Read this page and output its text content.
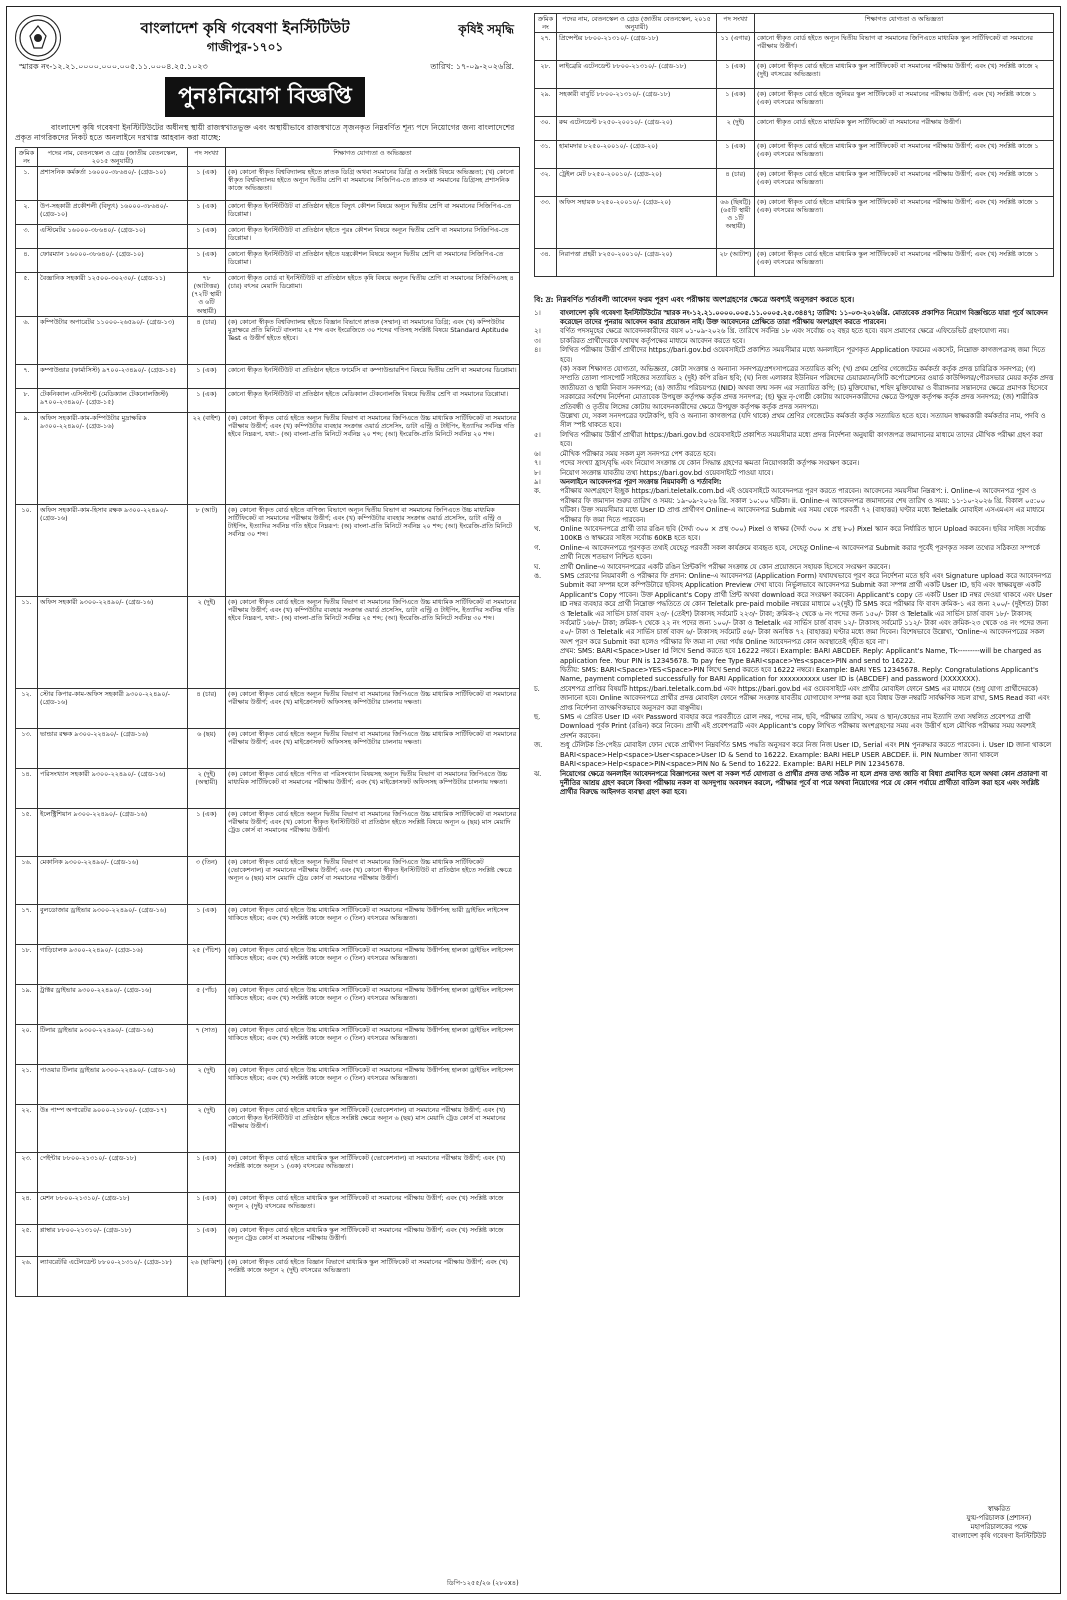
বাংলাদেশ কৃষি গবেষণা ইনস্টিটিউট
গাজীপুর-১৭০১
কৃষিই সমৃদ্ধি
স্মারক নং-১২.২১.০০০০.০০০.০০৫.১১.০০০৪.২৫.১০২৩	তারিখ: ১৭-০৯-২০২৬খ্রি.
পুনঃনিয়োগ বিজ্ঞপ্তি
বাংলাদেশ কৃষি গবেষণা ইনস্টিটিউটের অধীনস্থ স্থায়ী রাজস্বখাতভুক্ত এবং অস্থায়ীভাবে রাজস্বখাতে সৃজনকৃত নিম্নবর্ণিত শূন্য পদে নিয়োগের জন্য বাংলাদেশের প্রকৃত নাগরিকদের নিকট হতে অনলাইনে দরখাস্ত আহবান করা যাচ্ছে:
ক্রমিক নং	পদের নাম, বেতনস্কেল ও গ্রেড (জাতীয় বেতনস্কেল, ২০১৫ অনুযায়ী)	পদ সংখ্যা	শিক্ষাগত যোগ্যতা ও অভিজ্ঞতা
১.	প্রশাসনিক কর্মকর্তা ১৬০০০-৩৮৬৪০/- (গ্রেড-১০)	১ (এক)	(ক) কোনো স্বীকৃত বিশ্ববিদ্যালয় হইতে স্নাতক ডিগ্রি অথবা সমমানের ডিগ্রি ও সংশ্লিষ্ট বিষয়ে অভিজ্ঞতা; (খ) কোনো স্বীকৃত বিশ্ববিদ্যালয় হইতে অন্যূন দ্বিতীয় শ্রেণি বা সমমানের সিজিপিএ-তে স্নাতক বা সমমানের ডিগ্রিসহ প্রশাসনিক কাজে অভিজ্ঞতা।
২.	উপ-সহকারী প্রকৌশলী (বিদ্যুৎ) ১৬০০০-৩৮৬৪০/- (গ্রেড-১০)	১ (এক)	কোনো স্বীকৃত ইনস্টিটিউট বা প্রতিষ্ঠান হইতে বিদ্যুৎ কৌশল বিষয়ে অন্যূন দ্বিতীয় শ্রেণি বা সমমানের সিজিপিএ-তে ডিপ্লোমা।
৩.	এস্টিমেটর ১৬০০০-৩৮৬৪০/- (গ্রেড-১০)	১ (এক)	কোনো স্বীকৃত ইনস্টিটিউট বা প্রতিষ্ঠান হইতে পুরঃ কৌশল বিষয়ে অন্যূন দ্বিতীয় শ্রেণি বা সমমানের সিজিপিএ-তে ডিপ্লোমা।
৪.	ফোরম্যান ১৬০০০-৩৮৬৪০/- (গ্রেড-১০)	১ (এক)	কোনো স্বীকৃত ইনস্টিটিউট বা প্রতিষ্ঠান হইতে যন্ত্রকৌশল বিষয়ে অন্যূন দ্বিতীয় শ্রেণি বা সমমানের সিজিপিএ-তে ডিপ্লোমা।
৫.	বৈজ্ঞানিক সহকারী ১২৫০০-৩০২৩০/- (গ্রেড-১১)	৭৮ (আটাত্তর) (৭২টি স্থায়ী ও ৬টি অস্থায়ী)	কোনো স্বীকৃত বোর্ড বা ইনস্টিটিউট বা প্রতিষ্ঠান হইতে কৃষি বিষয়ে অন্যূন দ্বিতীয় শ্রেণি বা সমমানের সিজিপিএসহ ৪ (চার) বৎসর মেয়াদি ডিপ্লোমা।
৬.	কম্পিউটার অপারেটর ১১০০০-২৬৫৯০/- (গ্রেড-১৩)	৪ (চার)	(ক) কোনো স্বীকৃত বিশ্ববিদ্যালয় হইতে বিজ্ঞান বিভাগে স্নাতক (সম্মান) বা সমমানের ডিগ্রি; এবং (খ) কম্পিউটার মুদ্রাক্ষরে প্রতি মিনিটে বাংলায় ২৫ শব্দ এবং ইংরেজিতে ৩০ শব্দের গতিসহ সংশ্লিষ্ট বিষয়ে Standard Aptitude Test এ উত্তীর্ণ হইতে হইবে।
৭.	কম্পাউন্ডার (ফার্মাসিস্ট) ৯৭০০-২৩৪৯০/- (গ্রেড-১৫)	১ (এক)	কোনো স্বীকৃত ইনস্টিটিউট বা প্রতিষ্ঠান হইতে ফার্মেসি বা কম্পাউন্ডারশিপ বিষয়ে দ্বিতীয় শ্রেণি বা সমমানের ডিপ্লোমা।
৮.	টেকনিক্যাল এসিস্ট্যান্ট (মেডিক্যাল টেকনোলজিস্ট) ৯৭০০-২৩৪৯০/- (গ্রেড-১৫)	১ (এক)	কোনো স্বীকৃত ইনস্টিটিউট বা প্রতিষ্ঠান হইতে মেডিক্যাল টেকনোলজি বিষয়ে দ্বিতীয় শ্রেণি বা সমমানের ডিপ্লোমা।
৯.	অফিস সহকারী-কাম-কম্পিউটার মুদ্রাক্ষরিক ৯৩০০-২২৪৯০/- (গ্রেড-১৬)	২২ (বাইশ)	(ক) কোনো স্বীকৃত বোর্ড হইতে অন্যূন দ্বিতীয় বিভাগ বা সমমানের জিপিএতে উচ্চ মাধ্যমিক সার্টিফিকেট বা সমমানের পরীক্ষায় উত্তীর্ণ; এবং (খ) কম্পিউটার ব্যবহার সংক্রান্ত ওয়ার্ড প্রসেসিং, ডাটা এন্ট্রি ও টাইপিং, ইত্যাদির সর্বনিম্ন গতি হইবে নিম্নরূপ, যথা:- (অ) বাংলা-প্রতি মিনিটে সর্বনিম্ন ২০ শব্দ; (আ) ইংরেজি-প্রতি মিনিটে সর্বনিম্ন ২০ শব্দ।
১০.	অফিস সহকারী-কাম-হিসাব রক্ষক ৯৩০০-২২৪৯০/- (গ্রেড-১৬)	৮ (আট)	(ক) কোনো স্বীকৃত বোর্ড হইতে বাণিজ্য বিভাগে অন্যূন দ্বিতীয় বিভাগ বা সমমানের জিপিএতে উচ্চ মাধ্যমিক সার্টিফিকেট বা সমমানের পরীক্ষায় উত্তীর্ণ; এবং (খ) কম্পিউটার ব্যবহার সংক্রান্ত ওয়ার্ড প্রসেসিং, ডাটা এন্ট্রি ও টাইপিং, ইত্যাদির সর্বনিম্ন গতি হইবে নিম্নরূপ: (অ) বাংলা-প্রতি মিনিটে সর্বনিম্ন ২০ শব্দ; (আ) ইংরেজি-প্রতি মিনিটে সর্বনিম্ন ৩০ শব্দ।
১১.	অফিস সহকারী ৯৩০০-২২৪৯০/- (গ্রেড-১৬)	২ (দুই)	(ক) কোনো স্বীকৃত বোর্ড হইতে অন্যূন দ্বিতীয় বিভাগ বা সমমানের জিপিএতে উচ্চ মাধ্যমিক সার্টিফিকেট বা সমমানের পরীক্ষায় উত্তীর্ণ; এবং (খ) কম্পিউটার ব্যবহার সংক্রান্ত ওয়ার্ড প্রসেসিং, ডাটা এন্ট্রি ও টাইপিং, ইত্যাদির সর্বনিম্ন গতি হইবে নিম্নরূপ, যথা:- (অ) বাংলা-প্রতি মিনিটে সর্বনিম্ন ২৫ শব্দ; (আ) ইংরেজি-প্রতি মিনিটে সর্বনিম্ন ৩০ শব্দ।
১২.	স্টোর কিপার-কাম-অফিস সহকারী ৯৩০০-২২৪৯০/- (গ্রেড-১৬)	৪ (চার)	(ক) কোনো স্বীকৃত বোর্ড হইতে অন্যূন দ্বিতীয় বিভাগ বা সমমানের জিপিএতে উচ্চ মাধ্যমিক সার্টিফিকেট বা সমমানের পরীক্ষায় উত্তীর্ণ; এবং (খ) মাইক্রোসফট অফিসসহ কম্পিউটার চালনায় দক্ষতা।
১৩.	ভান্ডার রক্ষক ৯৩০০-২২৪৯০/- (গ্রেড-১৬)	৬ (ছয়)	(ক) কোনো স্বীকৃত বোর্ড হইতে অন্যূন দ্বিতীয় বিভাগ বা সমমানের জিপিএতে উচ্চ মাধ্যমিক সার্টিফিকেট বা সমমানের পরীক্ষায় উত্তীর্ণ; এবং (খ) মাইক্রোসফট অফিসসহ কম্পিউটার চালনায় দক্ষতা।
১৪.	পরিসংখ্যান সহকারী ৯৩০০-২২৪৯০/- (গ্রেড-১৬)	২ (দুই) (অস্থায়ী)	(ক) কোনো স্বীকৃত বোর্ড হইতে গণিত বা পরিসংখ্যান বিষয়সহ অন্যূন দ্বিতীয় বিভাগ বা সমমানের জিপিএতে উচ্চ মাধ্যমিক সার্টিফিকেট বা সমমানের পরীক্ষায় উত্তীর্ণ; এবং (খ) মাইক্রোসফট অফিসসহ কম্পিউটার চালনায় দক্ষতা।
১৫.	ইলেক্ট্রিশিয়ান ৯৩০০-২২৪৯০/- (গ্রেড-১৬)	১ (এক)	(ক) কোনো স্বীকৃত বোর্ড হইতে অন্যূন দ্বিতীয় বিভাগ বা সমমানের জিপিএতে উচ্চ মাধ্যমিক সার্টিফিকেট বা সমমানের পরীক্ষায় উত্তীর্ণ; এবং (খ) কোনো স্বীকৃত ইনস্টিটিউট বা প্রতিষ্ঠান হইতে সংশ্লিষ্ট বিষয়ে অন্যূন ৬ (ছয়) মাস মেয়াদি ট্রেড কোর্স বা সমমানের পরীক্ষায় উত্তীর্ণ।
১৬.	মেকানিক ৯৩০০-২২৪৯০/- (গ্রেড-১৬)	৩ (তিন)	(ক) কোনো স্বীকৃত বোর্ড হইতে অন্যূন দ্বিতীয় বিভাগ বা সমমানের জিপিএতে উচ্চ মাধ্যমিক সার্টিফিকেট (ভোকেশনাল) বা সমমানের পরীক্ষায় উত্তীর্ণ; এবং (খ) কোনো স্বীকৃত ইনস্টিটিউট বা প্রতিষ্ঠান হইতে সংশ্লিষ্ট ক্ষেত্রে অন্যূন ৬ (ছয়) মাস মেয়াদি ট্রেড কোর্স বা সমমানের পরীক্ষায় উত্তীর্ণ।
১৭.	বুলডোজার ড্রাইভার ৯৩০০-২২৪৯০/- (গ্রেড-১৬)	১ (এক)	(ক) কোনো স্বীকৃত বোর্ড হইতে উচ্চ মাধ্যমিক সার্টিফিকেট বা সমমানের পরীক্ষায় উত্তীর্ণসহ ভারী ড্রাইভিং লাইসেন্স থাকিতে হইবে; এবং (খ) সংশ্লিষ্ট কাজে অন্যূন ৩ (তিন) বৎসরের অভিজ্ঞতা।
১৮.	গাড়িচালক ৯৩০০-২২৪৯০/- (গ্রেড-১৬)	২৫ (পঁচিশ)	(ক) কোনো স্বীকৃত বোর্ড হইতে উচ্চ মাধ্যমিক সার্টিফিকেট বা সমমানের পরীক্ষায় উত্তীর্ণসহ হালকা ড্রাইভিং লাইসেন্স থাকিতে হইবে; এবং (খ) সংশ্লিষ্ট কাজে অন্যূন ৩ (তিন) বৎসরের অভিজ্ঞতা।
১৯.	ট্রাক্টর ড্রাইভার ৯৩০০-২২৪৯০/- (গ্রেড-১৬)	৫ (পাঁচ)	(ক) কোনো স্বীকৃত বোর্ড হইতে উচ্চ মাধ্যমিক সার্টিফিকেট বা সমমানের পরীক্ষায় উত্তীর্ণসহ হালকা ড্রাইভিং লাইসেন্স থাকিতে হইবে; এবং (খ) সংশ্লিষ্ট কাজে অন্যূন ৩ (তিন) বৎসরের অভিজ্ঞতা।
২০.	টিলার ড্রাইভার ৯৩০০-২২৪৯০/- (গ্রেড-১৬)	৭ (সাত)	(ক) কোনো স্বীকৃত বোর্ড হইতে উচ্চ মাধ্যমিক সার্টিফিকেট বা সমমানের পরীক্ষায় উত্তীর্ণসহ হালকা ড্রাইভিং লাইসেন্স থাকিতে হইবে; এবং (খ) সংশ্লিষ্ট কাজে অন্যূন ৩ (তিন) বৎসরের অভিজ্ঞতা।
২১.	পাওয়ার টিলার ড্রাইভার ৯৩০০-২২৪৯০/- (গ্রেড-১৬)	২ (দুই)	(ক) কোনো স্বীকৃত বোর্ড হইতে উচ্চ মাধ্যমিক সার্টিফিকেট বা সমমানের পরীক্ষায় উত্তীর্ণসহ হালকা ড্রাইভিং লাইসেন্স থাকিতে হইবে; এবং (খ) সংশ্লিষ্ট কাজে অন্যূন ৩ (তিন) বৎসরের অভিজ্ঞতা।
২২.	উঃ পাম্প অপারেটর ৯০০০-২১৮০০/- (গ্রেড-১৭)	২ (দুই)	(ক) কোনো স্বীকৃত বোর্ড হইতে মাধ্যমিক স্কুল সার্টিফিকেট (ভোকেশনাল) বা সমমানের পরীক্ষায় উত্তীর্ণ; এবং (খ) কোনো স্বীকৃত ইনস্টিটিউট বা প্রতিষ্ঠান হইতে সংশ্লিষ্ট ক্ষেত্রে অন্যূন ৬ (ছয়) মাস মেয়াদি ট্রেড কোর্স বা সমমানের পরীক্ষায় উত্তীর্ণ।
২৩.	পেইন্টার ৮৮০০-২১৩১০/- (গ্রেড-১৮)	১ (এক)	(ক) কোনো স্বীকৃত বোর্ড হইতে মাধ্যমিক স্কুল সার্টিফিকেট (ভোকেশনাল) বা সমমানের পরীক্ষায় উত্তীর্ণ; এবং (খ) সংশ্লিষ্ট কাজে অন্যূন ১ (এক) বৎসরের অভিজ্ঞতা।
২৪.	মেশন ৮৮০০-২১৩১০/- (গ্রেড-১৮)	১ (এক)	(ক) কোনো স্বীকৃত বোর্ড হইতে মাধ্যমিক স্কুল সার্টিফিকেট বা সমমানের পরীক্ষায় উত্তীর্ণ; এবং (খ) সংশ্লিষ্ট কাজে অন্যূন ২ (দুই) বৎসরের অভিজ্ঞতা।
২৫.	প্লাম্বার ৮৮০০-২১৩১০/- (গ্রেড-১৮)	১ (এক)	(ক) কোনো স্বীকৃত বোর্ড হইতে মাধ্যমিক স্কুল সার্টিফিকেট বা সমমানের পরীক্ষায় উত্তীর্ণ; এবং (খ) সংশ্লিষ্ট কাজে অন্যূন ট্রেড কোর্স বা সমমানের পরীক্ষায় উত্তীর্ণ।
২৬.	ল্যাবরেটরি এটেনডেন্ট ৮৮০০-২১৩১০/- (গ্রেড-১৮)	২৬ (ছাব্বিশ)	(ক) কোনো স্বীকৃত বোর্ড হইতে বিজ্ঞান বিভাগে মাধ্যমিক স্কুল সার্টিফিকেট বা সমমানের পরীক্ষায় উত্তীর্ণ; এবং (খ) সংশ্লিষ্ট কাজে অন্যূন ২ (দুই) বৎসরের অভিজ্ঞতা।
ক্রমিক নং	পদের নাম, বেতনস্কেল ও গ্রেড (জাতীয় বেতনস্কেল, ২০১৫ অনুযায়ী)	পদ সংখ্যা	শিক্ষাগত যোগ্যতা ও অভিজ্ঞতা
২৭.	প্রিন্সেপ্টর ৮৮০০-২১৩১০/- (গ্রেড-১৮)	১১ (এগার)	কোনো স্বীকৃত বোর্ড হইতে অন্যূন দ্বিতীয় বিভাগ বা সমমানের জিপিএতে মাধ্যমিক স্কুল সার্টিফিকেট বা সমমানের পরীক্ষায় উত্তীর্ণ।
২৮.	লাইব্রেরি এটেনডেন্ট ৮৮০০-২১৩১০/- (গ্রেড-১৮)	১ (এক)	(ক) কোনো স্বীকৃত বোর্ড হইতে মাধ্যমিক স্কুল সার্টিফিকেট বা সমমানের পরীক্ষায় উত্তীর্ণ; এবং (খ) সংশ্লিষ্ট কাজে ২ (দুই) বৎসরের অভিজ্ঞতা।
২৯.	সহকারী বাবুর্চি ৮৮০০-২১৩১০/- (গ্রেড-১৮)	১ (এক)	(ক) কোনো স্বীকৃত বোর্ড হইতে জুনিয়র স্কুল সার্টিফিকেট বা সমমানের পরীক্ষায় উত্তীর্ণ; এবং (খ) সংশ্লিষ্ট কাজে ১ (এক) বৎসরের অভিজ্ঞতা।
৩০.	রুম এটেনডেন্ট ৮২৫০-২০০১০/- (গ্রেড-২০)	২ (দুই)	কোনো স্বীকৃত বোর্ড হইতে মাধ্যমিক স্কুল সার্টিফিকেট বা সমমানের পরীক্ষায় উত্তীর্ণ।
৩১.	হামামদার ৮২৫০-২০০১০/- (গ্রেড-২০)	১ (এক)	(ক) কোনো স্বীকৃত বোর্ড হইতে মাধ্যমিক স্কুল সার্টিফিকেট বা সমমানের পরীক্ষায় উত্তীর্ণ; এবং (খ) সংশ্লিষ্ট কাজে ১ (এক) বৎসরের অভিজ্ঞতা।
৩২.	ট্রেইল মেট ৮২৫০-২০০১০/- (গ্রেড-২০)	৪ (চার)	(ক) কোনো স্বীকৃত বোর্ড হইতে মাধ্যমিক স্কুল সার্টিফিকেট বা সমমানের পরীক্ষায় উত্তীর্ণ; এবং (খ) সংশ্লিষ্ট কাজে ১ (এক) বৎসরের অভিজ্ঞতা।
৩৩.	অফিস সহায়ক ৮২৫০-২০০১০/- (গ্রেড-২০)	৬৬ (ছিষট্টি) (৬৫টি স্থায়ী ও ১টি অস্থায়ী)	(ক) কোনো স্বীকৃত বোর্ড হইতে মাধ্যমিক স্কুল সার্টিফিকেট বা সমমানের পরীক্ষায় উত্তীর্ণ; এবং (খ) সংশ্লিষ্ট কাজে ১ (এক) বৎসরের অভিজ্ঞতা।
৩৪.	নিরাপত্তা প্রহরী ৮২৫০-২০০১০/- (গ্রেড-২০)	২৮ (আটাশ)	(ক) কোনো স্বীকৃত বোর্ড হইতে মাধ্যমিক স্কুল সার্টিফিকেট বা সমমানের পরীক্ষায় উত্তীর্ণ; এবং (খ) সংশ্লিষ্ট কাজে ১ (এক) বৎসরের অভিজ্ঞতা।
বি: দ্র: নিম্নবর্ণিত শর্তাবলী আবেদন ফরম পূরণ এবং পরীক্ষায় অংশগ্রহণের ক্ষেত্রে অবশ্যই অনুসরণ করতে হবে।
১।	বাংলাদেশ কৃষি গবেষণা ইনস্টিটিউটের স্মারক নং-১২.২১.০০০০.০০৫.১১.০০০৫.২৫.৩৪৪৭; তারিখ: ১১-০৩-২০২৬খ্রি. মোতাবেক প্রকাশিত নিয়োগ বিজ্ঞপ্তিতে যারা পূর্বে আবেদন করেছেন তাদের পুনরায় আবেদন করার প্রয়োজন নাই। উক্ত আবেদনের প্রেক্ষিতে তারা পরীক্ষায় অংশগ্রহণ করতে পারবেন।
২।	বর্ণিত পদসমূহের ক্ষেত্রে আবেদনকারীদের বয়স ০১-০৯-২০২৬ খ্রি. তারিখে সর্বনিম্ন ১৮ এবং সর্বোচ্চ ৩২ বছর হতে হবে। বয়স প্রমাণের ক্ষেত্রে এফিডেভিট গ্রহণযোগ্য নয়।
৩।	চাকরিরত প্রার্থীদেরকে যথাযথ কর্তৃপক্ষের মাধ্যমে আবেদন করতে হবে।
৪।	লিখিত পরীক্ষায় উত্তীর্ণ প্রার্থীদের https://bari.gov.bd ওয়েবসাইটে প্রকাশিত সময়সীমার মধ্যে অনলাইনে পূরণকৃত Application ফরমের একসেট, নিম্নোক্ত কাগজপত্রসহ জমা দিতে হবে।
(ক) সকল শিক্ষাগত যোগ্যতা, অভিজ্ঞতা, কোটা সংক্রান্ত ও অন্যান্য সনদপত্র/প্রশংসাপত্রের সত্যায়িত কপি; (খ) প্রথম শ্রেণির গেজেটেড কর্মকর্তা কর্তৃক প্রদত্ত চারিত্রিক সনদপত্র; (গ) সম্প্রতি তোলা পাসপোর্ট সাইজের সত্যায়িত ২ (দুই) কপি রঙিন ছবি; (ঘ) নিজ এলাকার ইউনিয়ন পরিষদের চেয়ারম্যান/সিটি কর্পোরেশনের ওয়ার্ড কাউন্সিলর/পৌরসভার মেয়র কর্তৃক প্রদত্ত জাতীয়তা ও স্থায়ী নিবাস সনদপত্র; (ঙ) জাতীয় পরিচয়পত্র (NID) অথবা জন্ম সনদ এর সত্যায়িত কপি; (চ) মুক্তিযোদ্ধা, শহিদ মুক্তিযোদ্ধা ও বীরাঙ্গনার সন্তানদের ক্ষেত্রে প্রমাণক হিসেবে সরকারের সর্বশেষ নির্দেশনা মোতাবেক উপযুক্ত কর্তৃপক্ষ কর্তৃক প্রদত্ত সনদপত্র; (ছ) ক্ষুদ্র নৃ-গোষ্ঠী কোটায় আবেদনকারীদের ক্ষেত্রে উপযুক্ত কর্তৃপক্ষ কর্তৃক প্রদত্ত সনদপত্র; (জ) শারীরিক প্রতিবন্ধী ও তৃতীয় লিঙ্গের কোটায় আবেদনকারীদের ক্ষেত্রে উপযুক্ত কর্তৃপক্ষ কর্তৃক প্রদত্ত সনদপত্র।
উল্লেখ্য যে, সকল সনদপত্রের ফটোকপি, ছবি ও অন্যান্য কাগজপত্র (যদি থাকে) প্রথম শ্রেণির গেজেটেড কর্মকর্তা কর্তৃক সত্যায়িত হতে হবে। সত্যায়ন স্বাক্ষরকারী কর্মকর্তার নাম, পদবি ও সীল স্পষ্ট থাকতে হবে।
৫।	লিখিত পরীক্ষায় উত্তীর্ণ প্রার্থীরা https://bari.gov.bd ওয়েবসাইটে প্রকাশিত সময়সীমার মধ্যে প্রদত্ত নির্দেশনা অনুযায়ী কাগজপত্র জমাদানের মাধ্যমে তাদের মৌখিক পরীক্ষা গ্রহণ করা হবে।
৬।	মৌখিক পরীক্ষার সময় সকল মূল সনদপত্র পেশ করতে হবে।
৭।	পদের সংখ্যা হ্রাস/বৃদ্ধি এবং নিয়োগ সংক্রান্ত যে কোন সিদ্ধান্ত গ্রহণের ক্ষমতা নিয়োগকারী কর্তৃপক্ষ সংরক্ষণ করেন।
৮।	নিয়োগ সংক্রান্ত যাবতীয় তথ্য https://bari.gov.bd ওয়েবসাইটে পাওয়া যাবে।
৯।	অনলাইনে আবেদনপত্র পূরণ সংক্রান্ত নিয়মাবলী ও শর্তাবলি:
ক.	পরীক্ষায় অংশগ্রহণে ইচ্ছুক https://bari.teletalk.com.bd এই ওয়েবসাইটে আবেদনপত্র পূরণ করতে পারবেন। আবেদনের সময়সীমা নিম্নরূপ: i. Online-এ আবেদনপত্র পূরণ ও পরীক্ষার ফি জমাদান শুরুর তারিখ ও সময়: ১৯-০৯-২০২৬ খ্রি. সকাল ১০:০০ ঘটিকা। ii. Online-এ আবেদনপত্র জমাদানের শেষ তারিখ ও সময়: ১১-১০-২০২৬ খ্রি. বিকাল ০৫:০০ ঘটিকা। উক্ত সময়সীমার মধ্যে User ID প্রাপ্ত প্রার্থীগণ Online-এ আবেদনপত্র Submit এর সময় থেকে পরবর্তী ৭২ (বাহাত্তর) ঘণ্টার মধ্যে Teletalk মোবাইল এসএমএস এর মাধ্যমে পরীক্ষার ফি জমা দিতে পারবেন।
খ.	Online আবেদনপত্রে প্রার্থী তার রঙিন ছবি (দৈর্ঘ্য ৩০০ × প্রস্থ ৩০০) Pixel ও স্বাক্ষর (দৈর্ঘ্য ৩০০ × প্রস্থ ৮০) Pixel স্ক্যান করে নির্ধারিত স্থানে Upload করবেন। ছবির সাইজ সর্বোচ্চ 100KB ও স্বাক্ষরের সাইজ সর্বোচ্চ 60KB হতে হবে।
গ.	Online-এ আবেদনপত্রে পূরণকৃত তথ্যই যেহেতু পরবর্তী সকল কার্যক্রমে ব্যবহৃত হবে, সেহেতু Online-এ আবেদনপত্র Submit করার পূর্বেই পূরণকৃত সকল তথ্যের সঠিকতা সম্পর্কে প্রার্থী নিজে শতভাগ নিশ্চিত হবেন।
ঘ.	প্রার্থী Online-এ আবেদনপত্রের একটি রঙিন প্রিন্টকপি পরীক্ষা সংক্রান্ত যে কোন প্রয়োজনে সহায়ক হিসেবে সংরক্ষণ করবেন।
ঙ.	SMS প্রেরণের নিয়মাবলী ও পরীক্ষার ফি প্রদান: Online-এ আবেদনপত্র (Application Form) যথাযথভাবে পূরণ করে নির্দেশনা মতে ছবি এবং Signature upload করে আবেদনপত্র Submit করা সম্পন্ন হলে কম্পিউটারে ছবিসহ Application Preview দেখা যাবে। নির্ভুলভাবে আবেদনপত্র Submit করা সম্পন্ন প্রার্থী একটি User ID, ছবি এবং স্বাক্ষরযুক্ত একটি Applicant's Copy পাবেন। উক্ত Applicant's Copy প্রার্থী প্রিন্ট অথবা download করে সংরক্ষণ করবেন। Applicant's copy তে একটি User ID নম্বর দেওয়া থাকবে এবং User ID নম্বর ব্যবহার করে প্রার্থী নিম্নোক্ত পদ্ধতিতে যে কোন Teletalk pre-paid mobile নম্বরের মাধ্যমে ০২(দুই) টি SMS করে পরীক্ষার ফি বাবদ ক্রমিক-১ এর জন্য ২০০/- (দুইশত) টাকা ও Teletalk এর সার্ভিস চার্জ বাবদ ২৩/- (তেইশ) টাকাসহ সর্বমোট ২২৩/- টাকা; ক্রমিক-২ থেকে ৬ নং পদের জন্য ১৫০/- টাকা ও Teletalk এর সার্ভিস চার্জ বাবদ ১৮/- টাকাসহ সর্বমোট ১৬৮/- টাকা; ক্রমিক-৭ থেকে ২২ নং পদের জন্য ১০০/- টাকা ও Teletalk এর সার্ভিস চার্জ বাবদ ১২/- টাকাসহ সর্বমোট ১১২/- টাকা এবং ক্রমিক-২৩ থেকে ৩৪ নং পদের জন্য ৫০/- টাকা ও Teletalk এর সার্ভিস চার্জ বাবদ ৬/- টাকাসহ সর্বমোট ৫৬/- টাকা অনধিক ৭২ (বাহাত্তর) ঘণ্টার মধ্যে জমা দিবেন। বিশেষভাবে উল্লেখ্য, 'Online-এ আবেদনপত্রের সকল অংশ পূরণ করে Submit করা হলেও পরীক্ষার ফি জমা না দেয়া পর্যন্ত Online আবেদনপত্র কোন অবস্থাতেই গৃহীত হবে না'।
প্রথম: SMS: BARI<Space>User Id লিখে Send করতে হবে 16222 নম্বরে। Example: BARI ABCDEF. Reply: Applicant's Name, Tk---------will be charged as application fee. Your PIN is 12345678. To pay fee Type BARI<space>Yes<space>PIN and send to 16222.
দ্বিতীয়: SMS: BARI<Space>YES<Space>PIN লিখে Send করতে হবে 16222 নম্বরে। Example: BARI YES 12345678. Reply: Congratulations Applicant's Name, payment completed successfully for BARI Application for xxxxxxxxxx user ID is (ABCDEF) and password (XXXXXXX).
চ.	প্রবেশপত্র প্রাপ্তির বিষয়টি https://bari.teletalk.com.bd এবং https://bari.gov.bd এর ওয়েবসাইটে এবং প্রার্থীর মোবাইল ফোনে SMS এর মাধ্যমে (শুধু যোগ্য প্রার্থীদেরকে) জানানো হবে। Online আবেদনপত্রে প্রার্থীর প্রদত্ত মোবাইল ফোনে পরীক্ষা সংক্রান্ত যাবতীয় যোগাযোগ সম্পন্ন করা হবে বিধায় উক্ত নম্বরটি সার্বক্ষণিক সচল রাখা, SMS Read করা এবং প্রাপ্ত নির্দেশনা তাৎক্ষণিকভাবে অনুসরণ করা বাঞ্ছনীয়।
ছ.	SMS এ প্রেরিত User ID এবং Password ব্যবহার করে পরবর্তীতে রোল নম্বর, পদের নাম, ছবি, পরীক্ষার তারিখ, সময় ও স্থান/কেন্দ্রের নাম ইত্যাদি তথ্য সম্বলিত প্রবেশপত্র প্রার্থী Download পূর্বক Print (রঙিন) করে নিবেন। প্রার্থী এই প্রবেশপত্রটি এবং Applicant's copy লিখিত পরীক্ষায় অংশগ্রহণের সময় এবং উত্তীর্ণ হলে মৌখিক পরীক্ষার সময় অবশ্যই প্রদর্শন করবেন।
জ.	শুধু টেলিটক প্রি-পেইড মোবাইল ফোন থেকে প্রার্থীগণ নিম্নবর্ণিত SMS পদ্ধতি অনুসরণ করে নিজ নিজ User ID, Serial এবং PIN পুনরুদ্ধার করতে পারবেন। i. User ID জানা থাকলে BARI<space>Help<space>User<space>User ID & Send to 16222. Example: BARI HELP USER ABCDEF. ii. PIN Number জানা থাকলে BARI<space>Help<space>PIN<space>PIN No & Send to 16222. Example: BARI HELP PIN 12345678.
ঝ.	নিয়োগের ক্ষেত্রে অনলাইন আবেদনপত্রে বিজ্ঞাপনের অংশ বা সকল শর্ত যোগ্যতা ও প্রার্থীর প্রদত্ত তথ্য সঠিক না হলে প্রদত্ত তথ্য জাতি বা বিধ্যা প্রমাণিত হলে অথবা কোন প্রতারণা বা দুর্নীতির আশ্রয় গ্রহণ করলে কিংবা পরীক্ষায় নকল বা অসদুপায় অবলম্বন করলে, পরীক্ষার পূর্বে বা পরে অথবা নিয়োগের পরে যে কোন পর্যায়ে প্রার্থীতা বাতিল করা হবে এবং সংশ্লিষ্ট প্রার্থীর বিরুদ্ধে আইনগত ব্যবস্থা গ্রহণ করা হবে।
স্বাক্ষরিত
যুগ্ম-পরিচালক (প্রশাসন)
মহাপরিচালকের পক্ষে
বাংলাদেশ কৃষি গবেষণা ইনস্টিটিউট
ডিপি-১২৫৫/২৬ (২৮০x৪)
